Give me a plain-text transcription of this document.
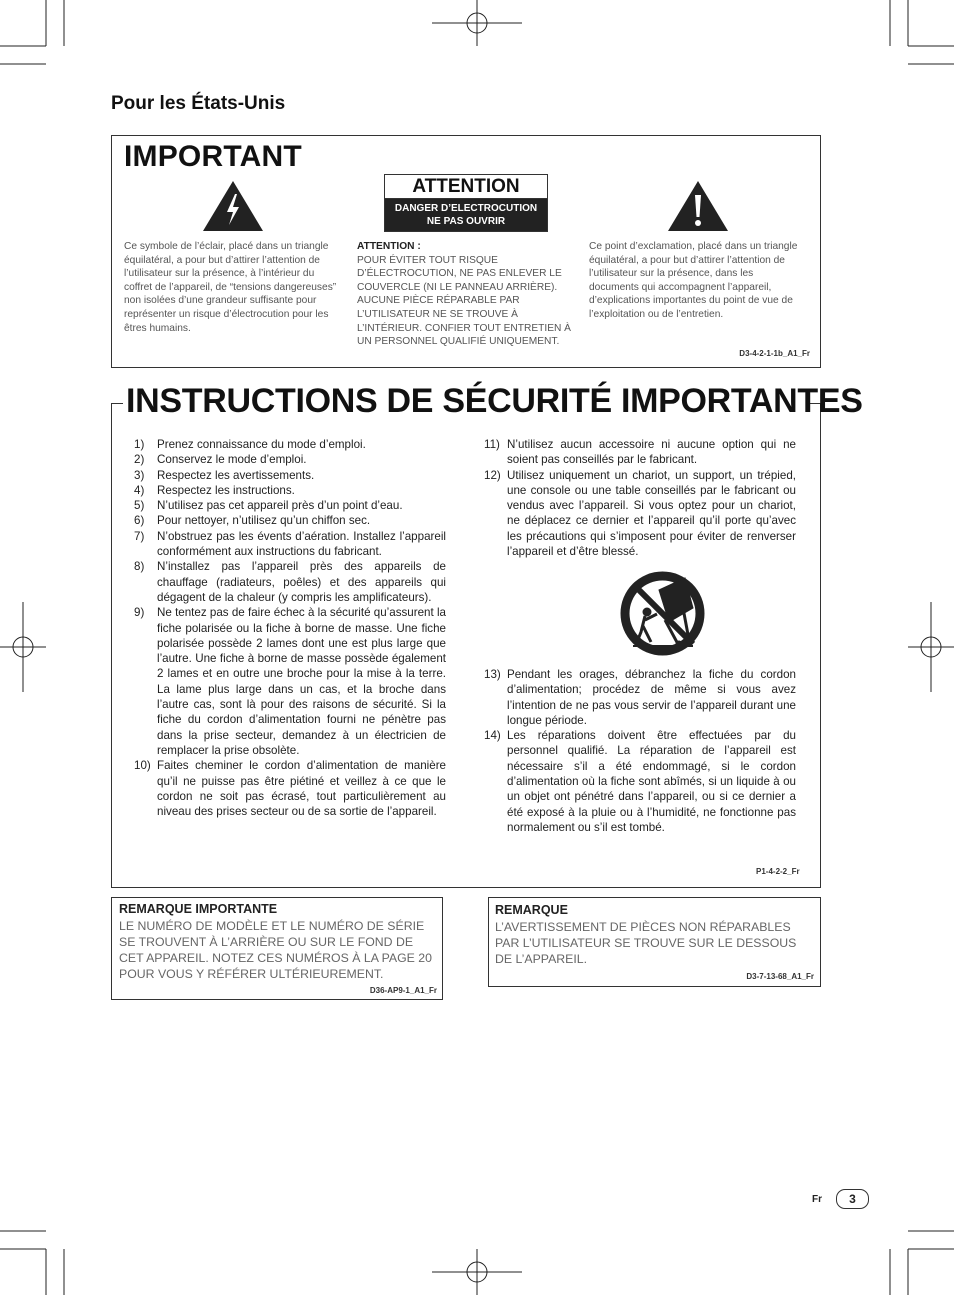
Pour les États-Unis
IMPORTANT
ATTENTION
DANGER D’ELECTROCUTION
NE PAS OUVRIR
Ce symbole de l’éclair, placé dans un triangle équilatéral, a pour but d’attirer l’attention de l’utilisateur sur la présence, à l’intérieur du coffret de l’appareil, de “tensions dangereuses” non isolées d’une grandeur suffisante pour représenter un risque d’électrocution pour les êtres humains.
ATTENTION :
POUR ÉVITER TOUT RISQUE D’ÉLECTROCUTION, NE PAS ENLEVER LE COUVERCLE (NI LE PANNEAU ARRIÈRE). AUCUNE PIÈCE RÉPARABLE PAR L’UTILISATEUR NE SE TROUVE À L’INTÉRIEUR. CONFIER TOUT ENTRETIEN À UN PERSONNEL QUALIFIÉ UNIQUEMENT.
Ce point d’exclamation, placé dans un triangle équilatéral, a pour but d’attirer l’attention de l’utilisateur sur la présence, dans les documents qui accompagnent l’appareil, d’explications importantes du point de vue de l’exploitation ou de l’entretien.
D3-4-2-1-1b_A1_Fr
INSTRUCTIONS DE SÉCURITÉ IMPORTANTES
1)	Prenez connaissance du mode d’emploi.
2)	Conservez le mode d’emploi.
3)	Respectez les avertissements.
4)	Respectez les instructions.
5)	N’utilisez pas cet appareil près d’un point d’eau.
6)	Pour nettoyer, n’utilisez qu’un chiffon sec.
7)	N’obstruez pas les évents d’aération. Installez l’appareil conformément aux instructions du fabricant.
8)	N’installez pas l’appareil près des appareils de chauffage (radiateurs, poêles) et des appareils qui dégagent de la chaleur (y compris les amplificateurs).
9)	Ne tentez pas de faire échec à la sécurité qu’assurent la fiche polarisée ou la fiche à borne de masse. Une fiche polarisée possède 2 lames dont une est plus large que l’autre. Une fiche à borne de masse possède également 2 lames et en outre une broche pour la mise à la terre. La lame plus large dans un cas, et la broche dans l’autre cas, sont là pour des raisons de sécurité. Si la fiche du cordon d’alimentation fourni ne pénètre pas dans la prise secteur, demandez à un électricien de remplacer la prise obsolète.
10) Faites cheminer le cordon d’alimentation de manière qu’il ne puisse pas être piétiné et veillez à ce que le cordon ne soit pas écrasé, tout particulièrement au niveau des prises secteur ou de sa sortie de l’appareil.
11) N’utilisez aucun accessoire ni aucune option qui ne soient pas conseillés par le fabricant.
12) Utilisez uniquement un chariot, un support, un trépied, une console ou une table conseillés par le fabricant ou vendus avec l’appareil. Si vous optez pour un chariot, ne déplacez ce dernier et l’appareil qu’il porte qu’avec les précautions qui s’imposent pour éviter de renverser l’appareil et d’être blessé.
13) Pendant les orages, débranchez la fiche du cordon d’alimentation; procédez de même si vous avez l’intention de ne pas vous servir de l’appareil durant une longue période.
14) Les réparations doivent être effectuées par du personnel qualifié. La réparation de l’appareil est nécessaire s’il a été endommagé, si le cordon d’alimentation où la fiche sont abîmés, si un liquide à ou un objet ont pénétré dans l’appareil, ou si ce dernier a été exposé à la pluie ou à l’humidité, ne fonctionne pas normalement ou s’il est tombé.
P1-4-2-2_Fr
REMARQUE IMPORTANTE
LE NUMÉRO DE MODÈLE ET LE NUMÉRO DE SÉRIE SE TROUVENT À L’ARRIÈRE OU SUR LE FOND DE CET APPAREIL. NOTEZ CES NUMÉROS À LA PAGE 20 POUR VOUS Y RÉFÉRER ULTÉRIEUREMENT.
D36-AP9-1_A1_Fr
REMARQUE
L’AVERTISSEMENT DE PIÈCES NON RÉPARABLES PAR L’UTILISATEUR SE TROUVE SUR LE DESSOUS DE L’APPAREIL.
D3-7-13-68_A1_Fr
Fr	3
